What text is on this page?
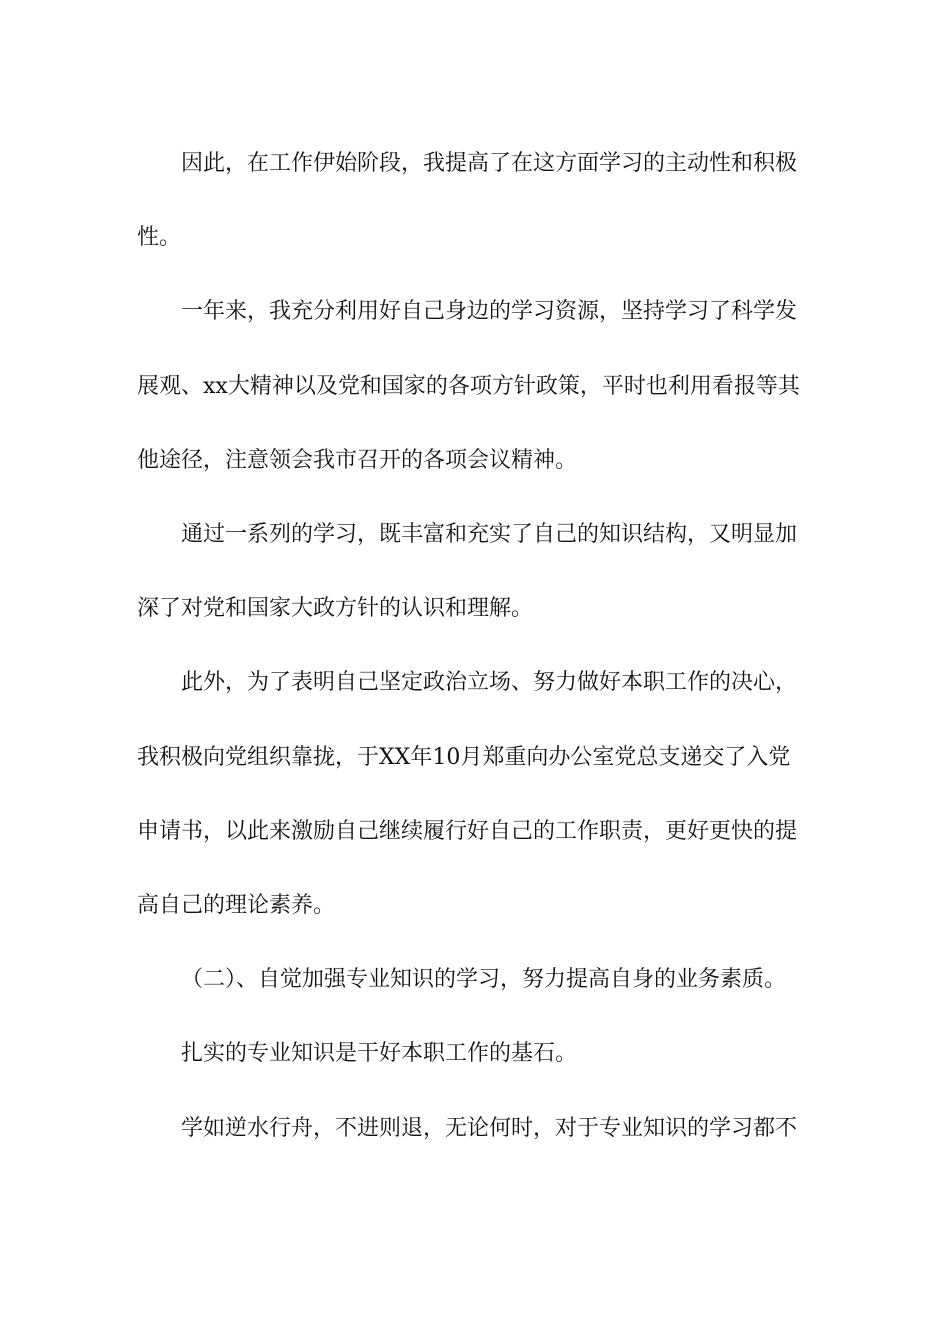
因此，在工作伊始阶段，我提高了在这方面学习的主动性和积极
性。
一年来，我充分利用好自己身边的学习资源，坚持学习了科学发
展观、xx大精神以及党和国家的各项方针政策，平时也利用看报等其
他途径，注意领会我市召开的各项会议精神。
通过一系列的学习，既丰富和充实了自己的知识结构，又明显加
深了对党和国家大政方针的认识和理解。
此外，为了表明自己坚定政治立场、努力做好本职工作的决心，
我积极向党组织靠拢，于XX年10月郑重向办公室党总支递交了入党
申请书，以此来激励自己继续履行好自己的工作职责，更好更快的提
高自己的理论素养。
（二）、自觉加强专业知识的学习，努力提高自身的业务素质。
扎实的专业知识是干好本职工作的基石。
学如逆水行舟，不进则退，无论何时，对于专业知识的学习都不
